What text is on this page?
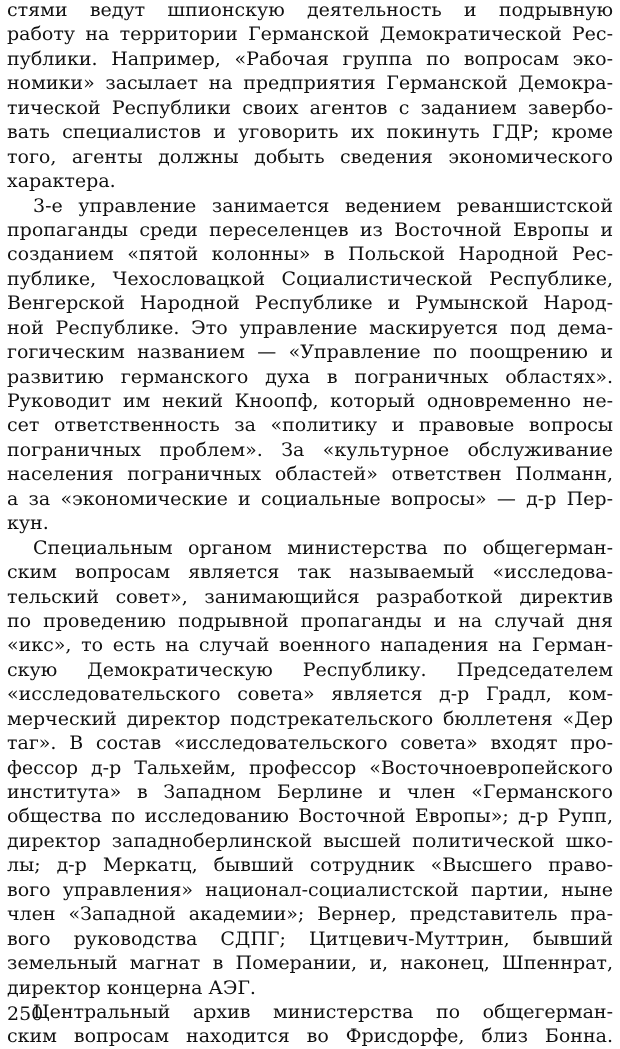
стями ведут шпионскую деятельность и подрывную
работу на территории Германской Демократической Рес-
публики. Например, «Рабочая группа по вопросам эко-
номики» засылает на предприятия Германской Демокра-
тической Республики своих агентов с заданием завербо-
вать специалистов и уговорить их покинуть ГДР; кроме
того, агенты должны добыть сведения экономического
характера.
3-е управление занимается ведением реваншистской
пропаганды среди переселенцев из Восточной Европы и
созданием «пятой колонны» в Польской Народной Рес-
публике, Чехословацкой Социалистической Республике,
Венгерской Народной Республике и Румынской Народ-
ной Республике. Это управление маскируется под дема-
гогическим названием — «Управление по поощрению и
развитию германского духа в пограничных областях».
Руководит им некий Кноопф, который одновременно не-
сет ответственность за «политику и правовые вопросы
пограничных проблем». За «культурное обслуживание
населения пограничных областей» ответствен Полманн,
а за «экономические и социальные вопросы» — д-р Пер-
кун.
Специальным органом министерства по общегерман-
ским вопросам является так называемый «исследова-
тельский совет», занимающийся разработкой директив
по проведению подрывной пропаганды и на случай дня
«икс», то есть на случай военного нападения на Герман-
скую Демократическую Республику. Председателем
«исследовательского совета» является д-р Градл, ком-
мерческий директор подстрекательского бюллетеня «Дер
таг». В состав «исследовательского совета» входят про-
фессор д-р Тальхейм, профессор «Восточноевропейского
института» в Западном Берлине и член «Германского
общества по исследованию Восточной Европы»; д-р Рупп,
директор западноберлинской высшей политической шко-
лы; д-р Меркатц, бывший сотрудник «Высшего право-
вого управления» национал-социалистской партии, ныне
член «Западной академии»; Вернер, представитель пра-
вого руководства СДПГ; Цитцевич-Муттрин, бывший
земельный магнат в Померании, и, наконец, Шпеннрат,
директор концерна АЭГ.
Центральный архив министерства по общегерман-
ским вопросам находится во Фрисдорфе, близ Бонна.
250
